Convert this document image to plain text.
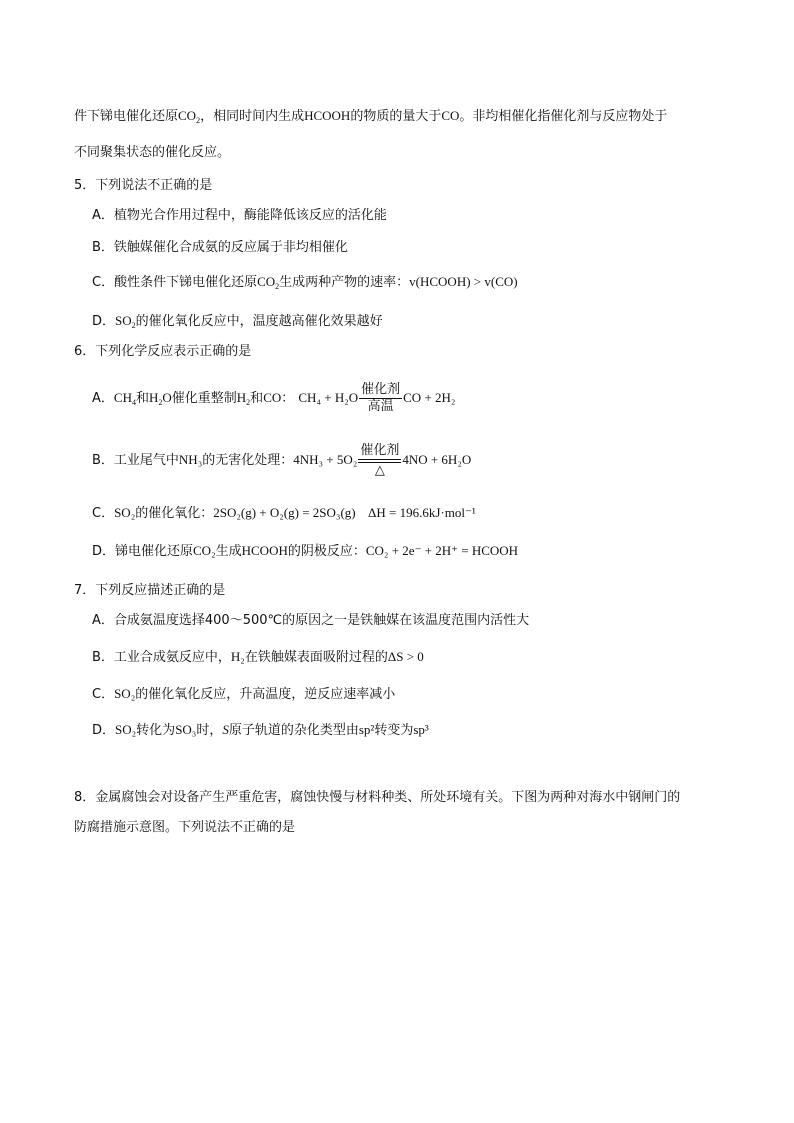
件下锑电催化还原$CO_2$，相同时间内生成HCOOH的物质的量大于CO。非均相催化指催化剂与反应物处于
不同聚集状态的催化反应。
5．下列说法不正确的是
A．植物光合作用过程中，酶能降低该反应的活化能
B．铁触媒催化合成氨的反应属于非均相催化
C．酸性条件下锑电催化还原$CO_2$生成两种产物的速率：v(HCOOH) > v(CO)
D．$SO_2$的催化氧化反应中，温度越高催化效果越好
6．下列化学反应表示正确的是
A．$CH_4$和$H_2O$催化重整制$H_2$和CO： CH₄ + H₂O
催化剂
高温
CO + 2H₂
B．工业尾气中NH₃的无害化处理：4NH₃ + 5O₂
催化剂
△
4NO + 6H₂O
C．SO₂的催化氧化：2SO₂(g) + O₂(g) = 2SO₃(g) ΔH = 196.6kJ·mol⁻¹
D．锑电催化还原CO₂生成HCOOH的阴极反应：CO₂ + 2e⁻ + 2H⁺ = HCOOH
7．下列反应描述正确的是
A．合成氨温度选择400～500℃的原因之一是铁触媒在该温度范围内活性大
B．工业合成氨反应中，H₂在铁触媒表面吸附过程的ΔS > 0
C．SO₂的催化氧化反应，升高温度，逆反应速率减小
D．SO₂转化为SO₃时，S原子轨道的杂化类型由sp²转变为sp³
8．金属腐蚀会对设备产生严重危害，腐蚀快慢与材料种类、所处环境有关。下图为两种对海水中钢闸门的
防腐措施示意图。下列说法不正确的是
